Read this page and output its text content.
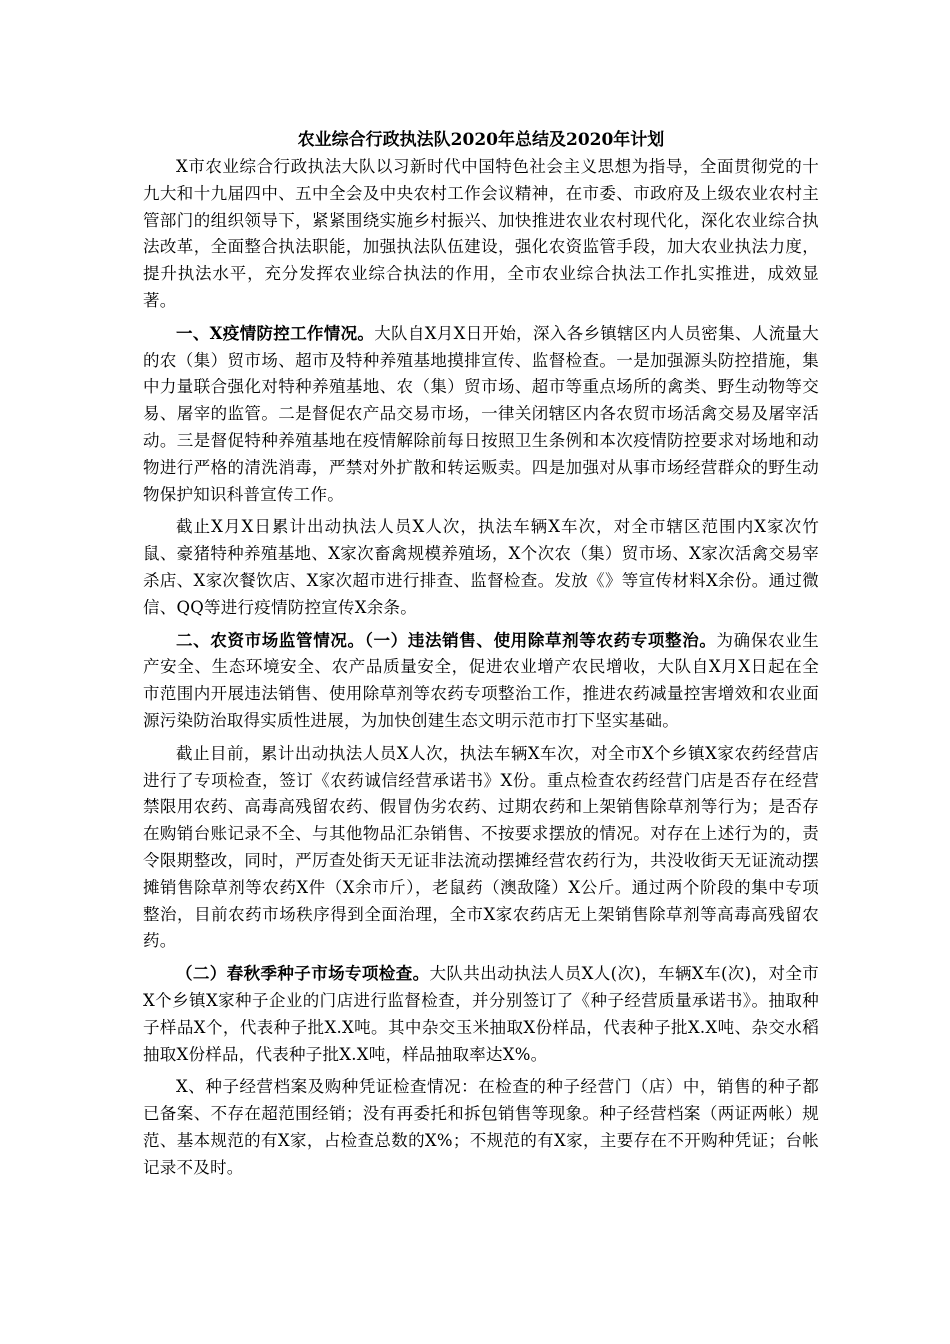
农业综合行政执法队2020年总结及2020年计划

X市农业综合行政执法大队以习新时代中国特色社会主义思想为指导，全面贯彻党的十九大和十九届四中、五中全会及中央农村工作会议精神，在市委、市政府及上级农业农村主管部门的组织领导下，紧紧围绕实施乡村振兴、加快推进农业农村现代化，深化农业综合执法改革，全面整合执法职能，加强执法队伍建设，强化农资监管手段，加大农业执法力度，提升执法水平，充分发挥农业综合执法的作用，全市农业综合执法工作扎实推进，成效显著。

一、X疫情防控工作情况。大队自X月X日开始，深入各乡镇辖区内人员密集、人流量大的农（集）贸市场、超市及特种养殖基地摸排宣传、监督检查。一是加强源头防控措施，集中力量联合强化对特种养殖基地、农（集）贸市场、超市等重点场所的禽类、野生动物等交易、屠宰的监管。二是督促农产品交易市场，一律关闭辖区内各农贸市场活禽交易及屠宰活动。三是督促特种养殖基地在疫情解除前每日按照卫生条例和本次疫情防控要求对场地和动物进行严格的清洗消毒，严禁对外扩散和转运贩卖。四是加强对从事市场经营群众的野生动物保护知识科普宣传工作。

截止X月X日累计出动执法人员X人次，执法车辆X车次，对全市辖区范围内X家次竹鼠、豪猪特种养殖基地、X家次畜禽规模养殖场，X个次农（集）贸市场、X家次活禽交易宰杀店、X家次餐饮店、X家次超市进行排查、监督检查。发放《》等宣传材料X余份。通过微信、QQ等进行疫情防控宣传X余条。

二、农资市场监管情况。（一）违法销售、使用除草剂等农药专项整治。为确保农业生产安全、生态环境安全、农产品质量安全，促进农业增产农民增收，大队自X月X日起在全市范围内开展违法销售、使用除草剂等农药专项整治工作，推进农药减量控害增效和农业面源污染防治取得实质性进展，为加快创建生态文明示范市打下坚实基础。

截止目前，累计出动执法人员X人次，执法车辆X车次，对全市X个乡镇X家农药经营店进行了专项检查，签订《农药诚信经营承诺书》X份。重点检查农药经营门店是否存在经营禁限用农药、高毒高残留农药、假冒伪劣农药、过期农药和上架销售除草剂等行为；是否存在购销台账记录不全、与其他物品汇杂销售、不按要求摆放的情况。对存在上述行为的，责令限期整改，同时，严厉查处街天无证非法流动摆摊经营农药行为，共没收街天无证流动摆摊销售除草剂等农药X件（X余市斤），老鼠药（澳敌隆）X公斤。通过两个阶段的集中专项整治，目前农药市场秩序得到全面治理，全市X家农药店无上架销售除草剂等高毒高残留农药。

（二）春秋季种子市场专项检查。大队共出动执法人员X人(次)，车辆X车(次)，对全市X个乡镇X家种子企业的门店进行监督检查，并分别签订了《种子经营质量承诺书》。抽取种子样品X个，代表种子批X.X吨。其中杂交玉米抽取X份样品，代表种子批X.X吨、杂交水稻抽取X份样品，代表种子批X.X吨，样品抽取率达X%。

X、种子经营档案及购种凭证检查情况：在检查的种子经营门（店）中，销售的种子都已备案、不存在超范围经销；没有再委托和拆包销售等现象。种子经营档案（两证两帐）规范、基本规范的有X家，占检查总数的X%；不规范的有X家，主要存在不开购种凭证；台帐记录不及时。
